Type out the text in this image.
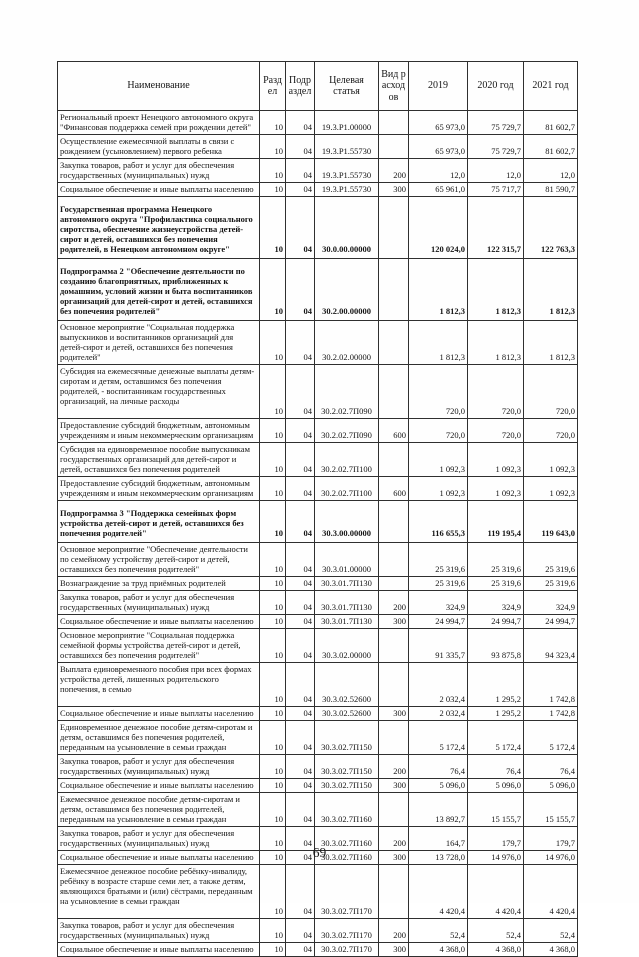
Наименование	Раздел	Подраздел	Целевая статья	Вид расходов	2019	2020 год	2021 год
Региональный проект Ненецкого автономного округа "Финансовая поддержка семей при рождении детей"	10	04	19.3.Р1.00000		65 973,0	75 729,7	81 602,7
Осуществление ежемесячной выплаты в связи с рождением (усыновлением) первого ребенка	10	04	19.3.Р1.55730		65 973,0	75 729,7	81 602,7
Закупка товаров, работ и услуг для обеспечения государственных (муниципальных) нужд	10	04	19.3.Р1.55730	200	12,0	12,0	12,0
Социальное обеспечение и иные выплаты населению	10	04	19.3.Р1.55730	300	65 961,0	75 717,7	81 590,7
Государственная программа Ненецкого автономного округа "Профилактика социального сиротства, обеспечение жизнеустройства детей-сирот и детей, оставшихся без попечения родителей, в Ненецком автономном округе"	10	04	30.0.00.00000		120 024,0	122 315,7	122 763,3
Подпрограмма 2 "Обеспечение деятельности по созданию благоприятных, приближенных к домашним, условий жизни и быта воспитанников организаций для детей-сирот и детей, оставшихся без попечения родителей"	10	04	30.2.00.00000		1 812,3	1 812,3	1 812,3
Основное мероприятие "Социальная поддержка выпускников и воспитанников организаций для детей-сирот и детей, оставшихся без попечения родителей"	10	04	30.2.02.00000		1 812,3	1 812,3	1 812,3
Субсидия на ежемесячные денежные выплаты детям-сиротам и детям, оставшимся без попечения родителей, - воспитанникам государственных организаций, на личные расходы	10	04	30.2.02.7П090		720,0	720,0	720,0
Предоставление субсидий бюджетным, автономным учреждениям и иным некоммерческим организациям	10	04	30.2.02.7П090	600	720,0	720,0	720,0
Субсидия на единовременное пособие выпускникам государственных организаций для детей-сирот и детей, оставшихся без попечения родителей	10	04	30.2.02.7П100		1 092,3	1 092,3	1 092,3
Предоставление субсидий бюджетным, автономным учреждениям и иным некоммерческим организациям	10	04	30.2.02.7П100	600	1 092,3	1 092,3	1 092,3
Подпрограмма 3 "Поддержка семейных форм устройства детей-сирот и детей, оставшихся без попечения родителей"	10	04	30.3.00.00000		116 655,3	119 195,4	119 643,0
Основное мероприятие "Обеспечение деятельности по семейному устройству детей-сирот и детей, оставшихся без попечения родителей"	10	04	30.3.01.00000		25 319,6	25 319,6	25 319,6
Вознаграждение за труд приёмных родителей	10	04	30.3.01.7П130		25 319,6	25 319,6	25 319,6
Закупка товаров, работ и услуг для обеспечения государственных (муниципальных) нужд	10	04	30.3.01.7П130	200	324,9	324,9	324,9
Социальное обеспечение и иные выплаты населению	10	04	30.3.01.7П130	300	24 994,7	24 994,7	24 994,7
Основное мероприятие "Социальная поддержка семейной формы устройства детей-сирот и детей, оставшихся без попечения родителей"	10	04	30.3.02.00000		91 335,7	93 875,8	94 323,4
Выплата единовременного пособия при всех формах устройства детей, лишенных родительского попечения, в семью	10	04	30.3.02.52600		2 032,4	1 295,2	1 742,8
Социальное обеспечение и иные выплаты населению	10	04	30.3.02.52600	300	2 032,4	1 295,2	1 742,8
Единовременное денежное пособие детям-сиротам и детям, оставшимся без попечения родителей, переданным на усыновление в семьи граждан	10	04	30.3.02.7П150		5 172,4	5 172,4	5 172,4
Закупка товаров, работ и услуг для обеспечения государственных (муниципальных) нужд	10	04	30.3.02.7П150	200	76,4	76,4	76,4
Социальное обеспечение и иные выплаты населению	10	04	30.3.02.7П150	300	5 096,0	5 096,0	5 096,0
Ежемесячное денежное пособие детям-сиротам и детям, оставшимся без попечения родителей, переданным на усыновление в семьи граждан	10	04	30.3.02.7П160		13 892,7	15 155,7	15 155,7
Закупка товаров, работ и услуг для обеспечения государственных (муниципальных) нужд	10	04	30.3.02.7П160	200	164,7	179,7	179,7
Социальное обеспечение и иные выплаты населению	10	04	30.3.02.7П160	300	13 728,0	14 976,0	14 976,0
Ежемесячное денежное пособие ребёнку-инвалиду, ребёнку в возрасте старше семи лет, а также детям, являющихся братьями и (или) сёстрами, переданным на усыновление в семьи граждан	10	04	30.3.02.7П170		4 420,4	4 420,4	4 420,4
Закупка товаров, работ и услуг для обеспечения государственных (муниципальных) нужд	10	04	30.3.02.7П170	200	52,4	52,4	52,4
Социальное обеспечение и иные выплаты населению	10	04	30.3.02.7П170	300	4 368,0	4 368,0	4 368,0
69
